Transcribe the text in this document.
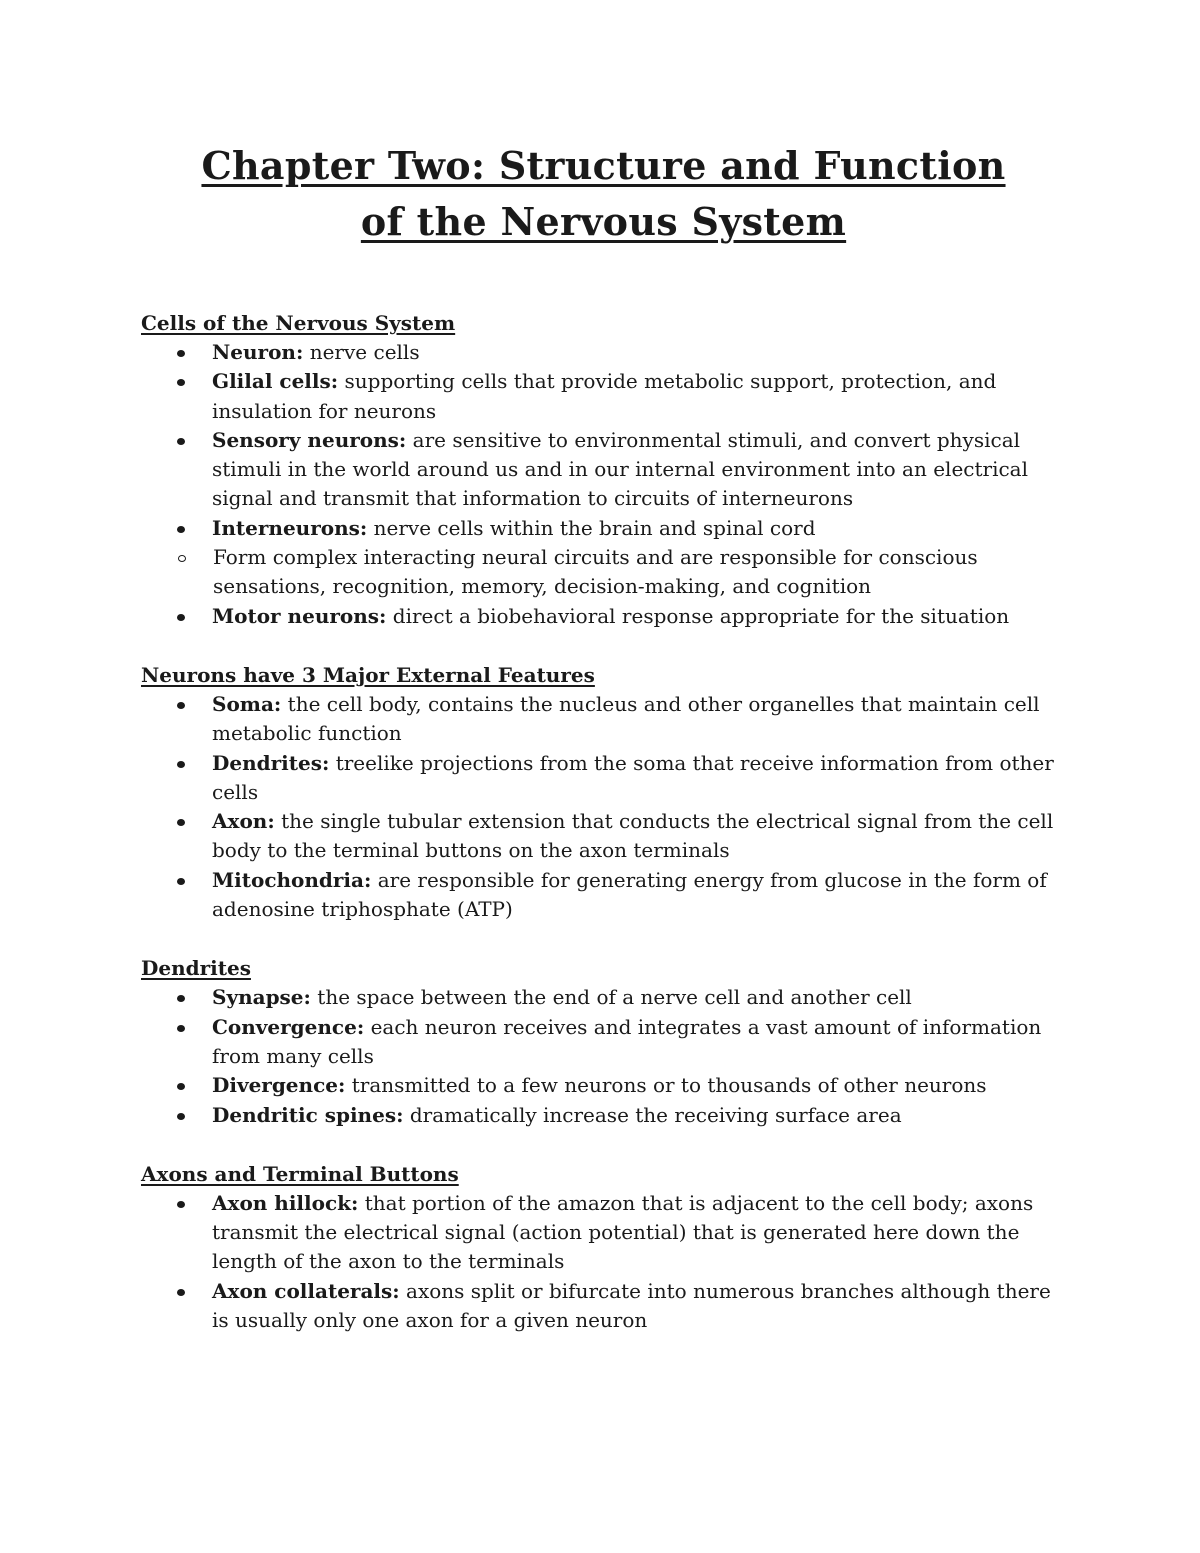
Chapter Two: Structure and Function
of the Nervous System
Cells of the Nervous System
Neuron: nerve cells
Glilal cells: supporting cells that provide metabolic support, protection, and insulation for neurons
Sensory neurons: are sensitive to environmental stimuli, and convert physical stimuli in the world around us and in our internal environment into an electrical signal and transmit that information to circuits of interneurons
Interneurons: nerve cells within the brain and spinal cord
Form complex interacting neural circuits and are responsible for conscious sensations, recognition, memory, decision-making, and cognition
Motor neurons: direct a biobehavioral response appropriate for the situation
Neurons have 3 Major External Features
Soma: the cell body, contains the nucleus and other organelles that maintain cell metabolic function
Dendrites: treelike projections from the soma that receive information from other cells
Axon: the single tubular extension that conducts the electrical signal from the cell body to the terminal buttons on the axon terminals
Mitochondria: are responsible for generating energy from glucose in the form of adenosine triphosphate (ATP)
Dendrites
Synapse: the space between the end of a nerve cell and another cell
Convergence: each neuron receives and integrates a vast amount of information from many cells
Divergence: transmitted to a few neurons or to thousands of other neurons
Dendritic spines: dramatically increase the receiving surface area
Axons and Terminal Buttons
Axon hillock: that portion of the amazon that is adjacent to the cell body; axons transmit the electrical signal (action potential) that is generated here down the length of the axon to the terminals
Axon collaterals: axons split or bifurcate into numerous branches although there is usually only one axon for a given neuron
